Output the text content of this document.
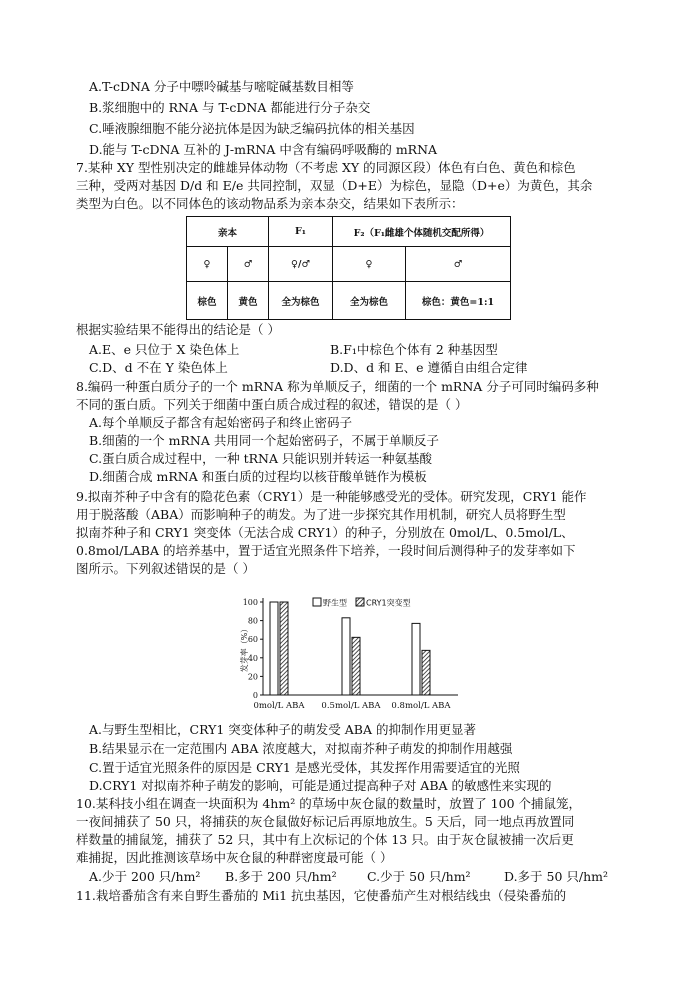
A.T-cDNA 分子中嘌呤碱基与嘧啶碱基数目相等
B.浆细胞中的 RNA 与 T-cDNA 都能进行分子杂交
C.唾液腺细胞不能分泌抗体是因为缺乏编码抗体的相关基因
D.能与 T-cDNA 互补的 J-mRNA 中含有编码呼吸酶的 mRNA
7.某种 XY 型性别决定的雌雄异体动物（不考虑 XY 的同源区段）体色有白色、黄色和棕色
三种，受两对基因 D/d 和 E/e 共同控制，双显（D+E）为棕色，显隐（D+e）为黄色，其余
类型为白色。以不同体色的该动物品系为亲本杂交，结果如下表所示：
亲本		F₁	F₂（F₁雌雄个体随机交配所得）	
♀	♂	♀/♂	♀	♂
棕色	黄色	全为棕色	全为棕色	棕色：黄色=1:1
根据实验结果不能得出的结论是（ ）
A.E、e 只位于 X 染色体上	B.F₁中棕色个体有 2 种基因型
C.D、d 不在 Y 染色体上	D.D、d 和 E、e 遵循自由组合定律
8.编码一种蛋白质分子的一个 mRNA 称为单顺反子，细菌的一个 mRNA 分子可同时编码多种
不同的蛋白质。下列关于细菌中蛋白质合成过程的叙述，错误的是（ ）
A.每个单顺反子都含有起始密码子和终止密码子
B.细菌的一个 mRNA 共用同一个起始密码子，不属于单顺反子
C.蛋白质合成过程中，一种 tRNA 只能识别并转运一种氨基酸
D.细菌合成 mRNA 和蛋白质的过程均以核苷酸单链作为模板
9.拟南芥种子中含有的隐花色素（CRY1）是一种能够感受光的受体。研究发现，CRY1 能作
用于脱落酸（ABA）而影响种子的萌发。为了进一步探究其作用机制，研究人员将野生型
拟南芥种子和 CRY1 突变体（无法合成 CRY1）的种子，分别放在 0mol/L、0.5mol/L、
0.8mol/LABA 的培养基中，置于适宜光照条件下培养，一段时间后测得种子的发芽率如下
图所示。下列叙述错误的是（ ）
0
20
40
60
80
100
发芽率（%）
0mol/L ABA 0.5mol/L ABA 0.8mol/L ABA
野生型 CRY1突变型
A.与野生型相比，CRY1 突变体种子的萌发受 ABA 的抑制作用更显著
B.结果显示在一定范围内 ABA 浓度越大，对拟南芥种子萌发的抑制作用越强
C.置于适宜光照条件的原因是 CRY1 是感光受体，其发挥作用需要适宜的光照
D.CRY1 对拟南芥种子萌发的影响，可能是通过提高种子对 ABA 的敏感性来实现的
10.某科技小组在调查一块面积为 4hm² 的草场中灰仓鼠的数量时，放置了 100 个捕鼠笼，
一夜间捕获了 50 只，将捕获的灰仓鼠做好标记后再原地放生。5 天后，同一地点再放置同
样数量的捕鼠笼，捕获了 52 只，其中有上次标记的个体 13 只。由于灰仓鼠被捕一次后更
难捕捉，因此推测该草场中灰仓鼠的种群密度最可能（ ）
A.少于 200 只/hm² B.多于 200 只/hm² C.少于 50 只/hm²	D.多于 50 只/hm²
11.栽培番茄含有来自野生番茄的 Mi1 抗虫基因，它使番茄产生对根结线虫（侵染番茄的
